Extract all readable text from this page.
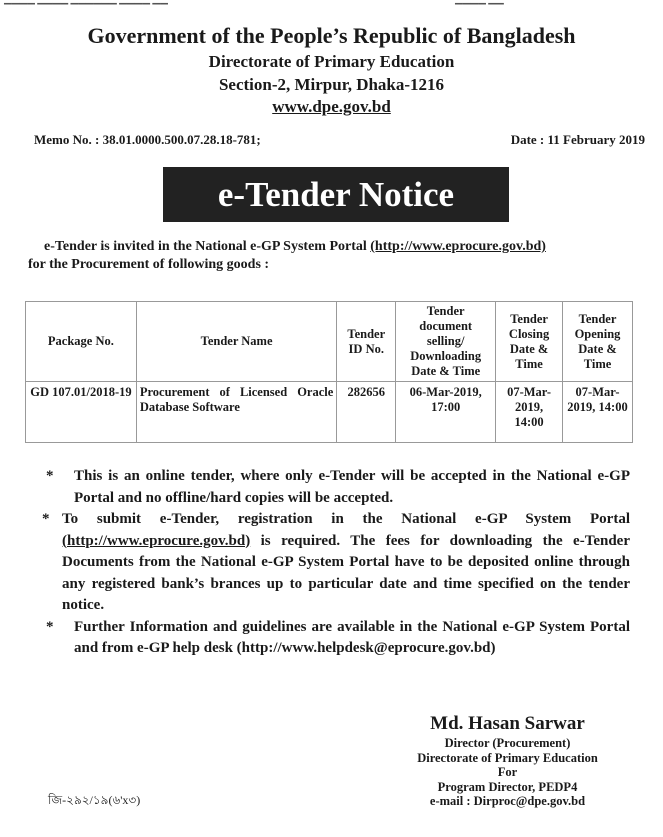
Government of the People’s Republic of Bangladesh
Directorate of Primary Education
Section-2, Mirpur, Dhaka-1216
www.dpe.gov.bd
Memo No. : 38.01.0000.500.07.28.18-781;	Date : 11 February 2019
e-Tender Notice
e-Tender is invited in the National e-GP System Portal (http://www.eprocure.gov.bd)
for the Procurement of following goods :
Package No.	Tender Name	Tender ID No.	Tender document selling/ Downloading Date & Time	Tender Closing Date & Time	Tender Opening Date & Time
GD 107.01/2018-19	Procurement of Licensed Oracle Database Software	282656	06-Mar-2019, 17:00	07-Mar-2019, 14:00	07-Mar-2019, 14:00
*	This is an online tender, where only e-Tender will be accepted in the National e-GP Portal and no offline/hard copies will be accepted.
* To submit e-Tender, registration in the National e-GP System Portal (http://www.eprocure.gov.bd) is required. The fees for downloading the e-Tender Documents from the National e-GP System Portal have to be deposited online through any registered bank’s brances up to particular date and time specified on the tender notice.
*	Further Information and guidelines are available in the National e-GP System Portal and from e-GP help desk (http://www.helpdesk@eprocure.gov.bd)
Md. Hasan Sarwar
Director (Procurement)
Directorate of Primary Education
For
Program Director, PEDP4
e-mail : Dirproc@dpe.gov.bd
জি-২৯২/১৯(৬'x৩)
